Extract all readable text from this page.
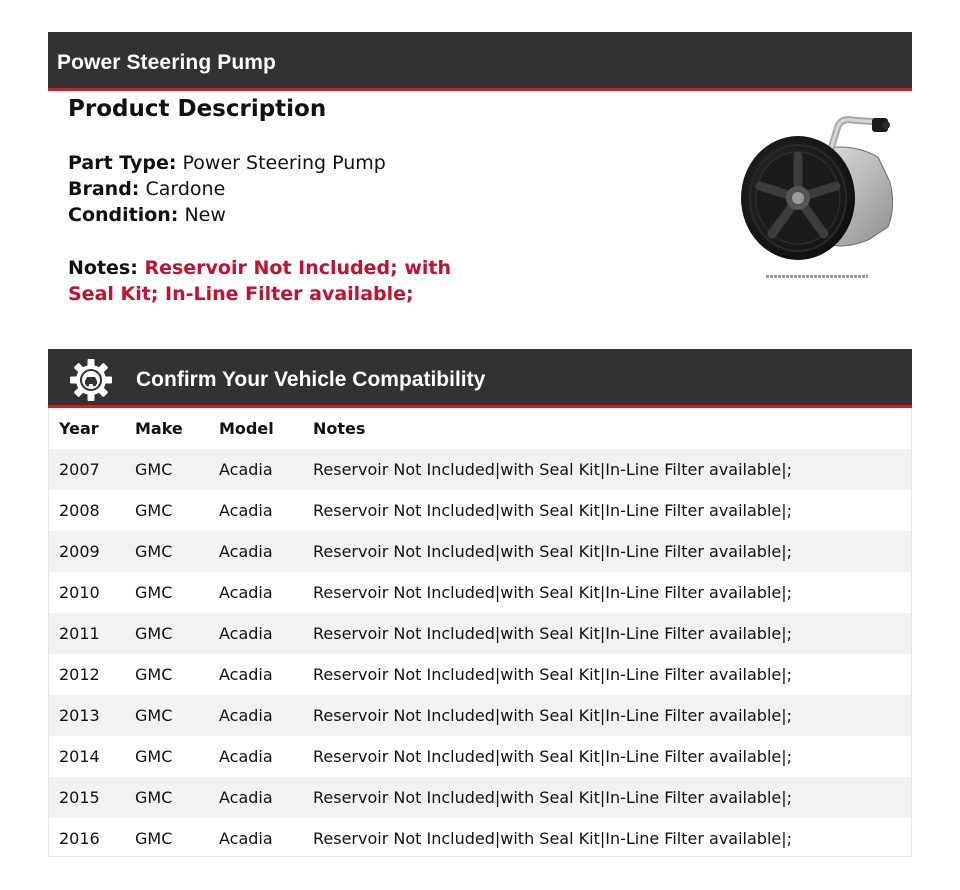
Power Steering Pump
Product Description
Part Type: Power Steering Pump
Brand: Cardone
Condition: New
Notes: Reservoir Not Included; with Seal Kit; In-Line Filter available;
Confirm Your Vehicle Compatibility
Year Make Model Notes
2007 GMC	Acadia	Reservoir Not Included|with Seal Kit|In-Line Filter available|;
2008 GMC	Acadia	Reservoir Not Included|with Seal Kit|In-Line Filter available|;
2009 GMC	Acadia	Reservoir Not Included|with Seal Kit|In-Line Filter available|;
2010 GMC	Acadia	Reservoir Not Included|with Seal Kit|In-Line Filter available|;
2011 GMC	Acadia	Reservoir Not Included|with Seal Kit|In-Line Filter available|;
2012 GMC	Acadia	Reservoir Not Included|with Seal Kit|In-Line Filter available|;
2013 GMC	Acadia	Reservoir Not Included|with Seal Kit|In-Line Filter available|;
2014 GMC	Acadia	Reservoir Not Included|with Seal Kit|In-Line Filter available|;
2015 GMC	Acadia	Reservoir Not Included|with Seal Kit|In-Line Filter available|;
2016 GMC	Acadia	Reservoir Not Included|with Seal Kit|In-Line Filter available|;
